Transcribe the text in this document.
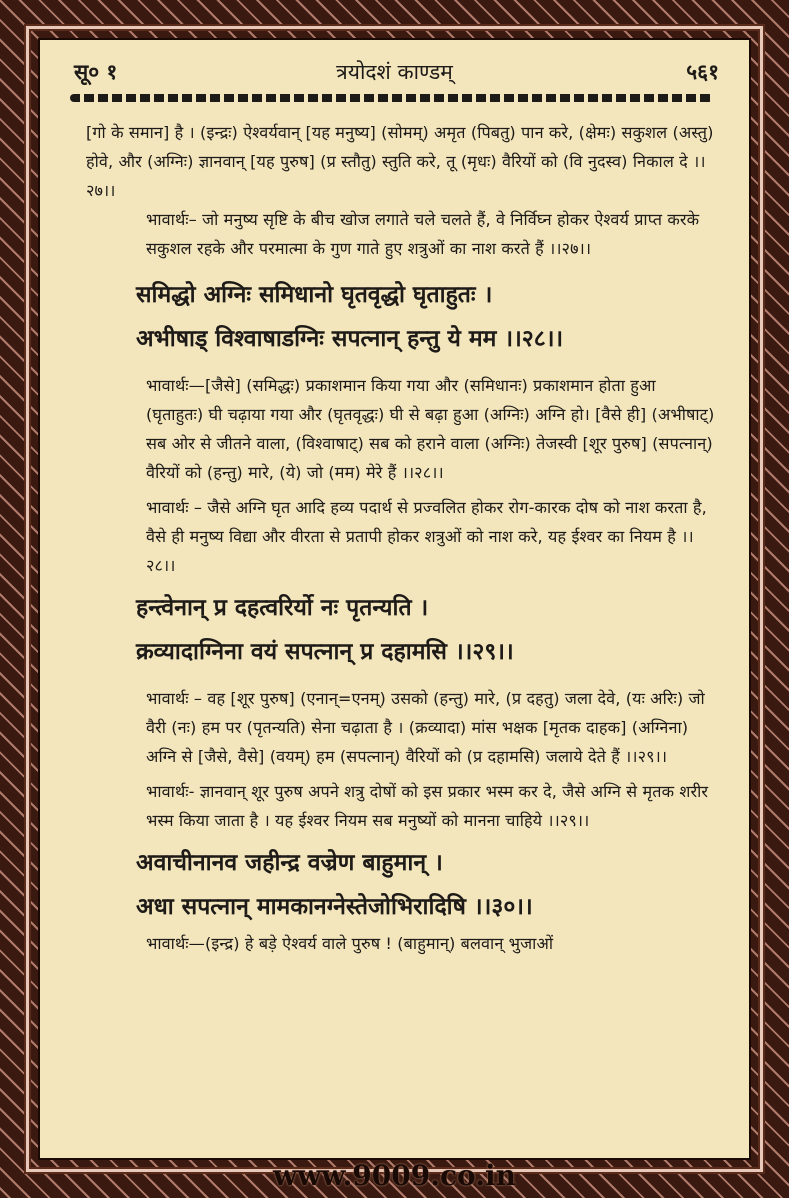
सू० १	त्रयोदशं काण्डम्	५६१

[गो के समान] है । (इन्द्रः) ऐश्वर्यवान् [यह मनुष्य] (सोमम्) अमृत (पिबतु) पान करे, (क्षेमः) सकुशल (अस्तु) होवे, और (अग्निः) ज्ञानवान् [यह पुरुष] (प्र स्तौतु) स्तुति करे, तू (मृधः) वैरियों को (वि नुदस्व) निकाल दे ।।२७।।

भावार्थः– जो मनुष्य सृष्टि के बीच खोज लगाते चले चलते हैं, वे निर्विघ्न होकर ऐश्वर्य प्राप्त करके सकुशल रहके और परमात्मा के गुण गाते हुए शत्रुओं का नाश करते हैं ।।२७।।

समिद्धो अग्निः समिधानो घृतवृद्धो घृताहुतः ।

अभीषाड् विश्वाषाडग्निः सपत्नान् हन्तु ये मम ।।२८।।

भावार्थः—[जैसे] (समिद्धः) प्रकाशमान किया गया और (समिधानः) प्रकाशमान होता हुआ (घृताहुतः) घी चढ़ाया गया और (घृतवृद्धः) घी से बढ़ा हुआ (अग्निः) अग्नि हो। [वैसे ही] (अभीषाट्) सब ओर से जीतने वाला, (विश्वाषाट्) सब को हराने वाला (अग्निः) तेजस्वी [शूर पुरुष] (सपत्नान्) वैरियों को (हन्तु) मारे, (ये) जो (मम) मेरे हैं ।।२८।।

भावार्थः – जैसे अग्नि घृत आदि हव्य पदार्थ से प्रज्वलित होकर रोग-कारक दोष को नाश करता है, वैसे ही मनुष्य विद्या और वीरता से प्रतापी होकर शत्रुओं को नाश करे, यह ईश्वर का नियम है ।।२८।।

हन्त्वेनान् प्र दहत्वरिर्यो नः पृतन्यति ।

क्रव्यादाग्निना वयं सपत्नान् प्र दहामसि ।।२९।।

भावार्थः – वह [शूर पुरुष] (एनान्=एनम्) उसको (हन्तु) मारे, (प्र दहतु) जला देवे, (यः अरिः) जो वैरी (नः) हम पर (पृतन्यति) सेना चढ़ाता है । (क्रव्यादा) मांस भक्षक [मृतक दाहक] (अग्निना) अग्नि से [जैसे, वैसे] (वयम्) हम (सपत्नान्) वैरियों को (प्र दहामसि) जलाये देते हैं ।।२९।।

भावार्थः- ज्ञानवान् शूर पुरुष अपने शत्रु दोषों को इस प्रकार भस्म कर दे, जैसे अग्नि से मृतक शरीर भस्म किया जाता है । यह ईश्वर नियम सब मनुष्यों को मानना चाहिये ।।२९।।

अवाचीनानव जहीन्द्र वज्रेण बाहुमान् ।

अधा सपत्नान् मामकानग्नेस्तेजोभिरादिषि ।।३०।।

भावार्थः—(इन्द्र) हे बड़े ऐश्वर्य वाले पुरुष ! (बाहुमान्) बलवान् भुजाओं

www.9009.co.in
